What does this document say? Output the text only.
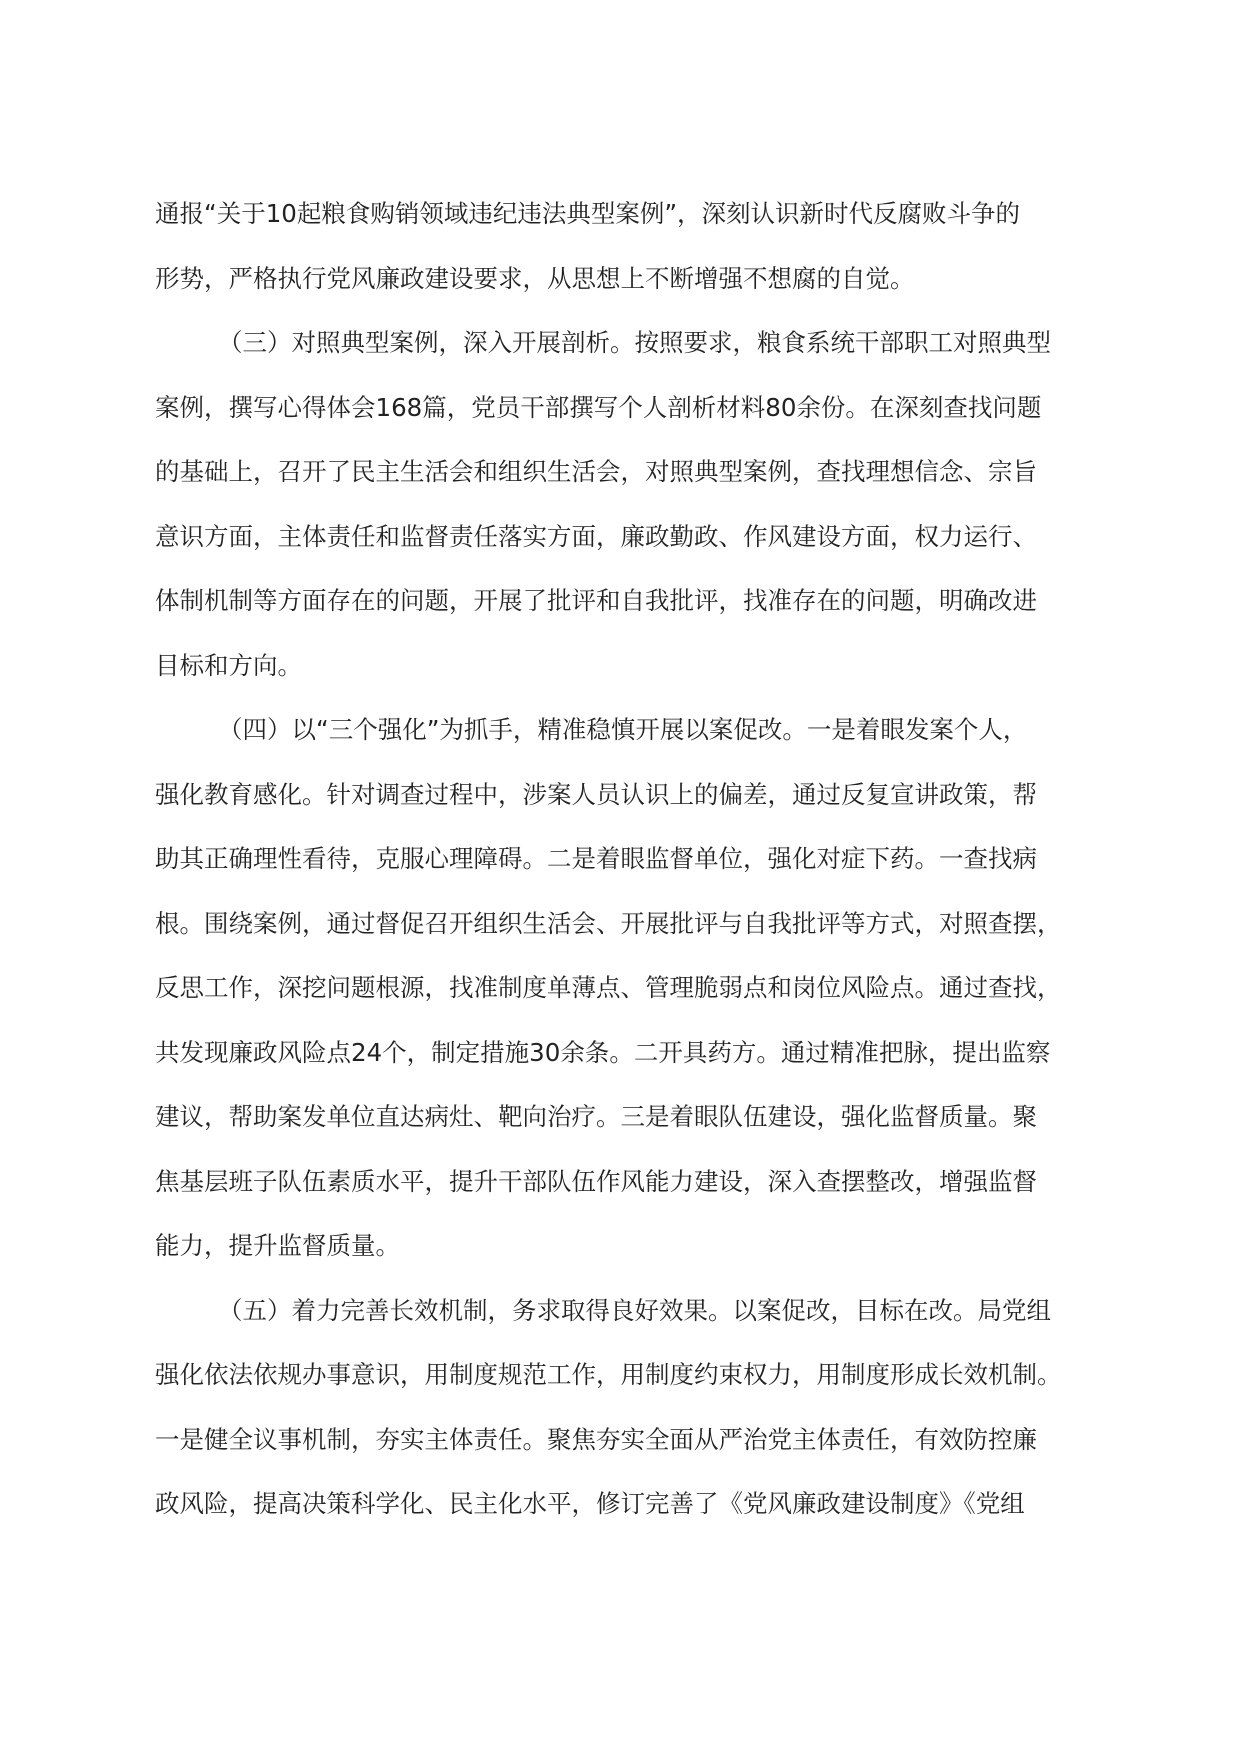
通报“关于10起粮食购销领域违纪违法典型案例”，深刻认识新时代反腐败斗争的
形势，严格执行党风廉政建设要求，从思想上不断增强不想腐的自觉。
（三）对照典型案例，深入开展剖析。按照要求，粮食系统干部职工对照典型
案例，撰写心得体会168篇，党员干部撰写个人剖析材料80余份。在深刻查找问题
的基础上，召开了民主生活会和组织生活会，对照典型案例，查找理想信念、宗旨
意识方面，主体责任和监督责任落实方面，廉政勤政、作风建设方面，权力运行、
体制机制等方面存在的问题，开展了批评和自我批评，找准存在的问题，明确改进
目标和方向。
（四）以“三个强化”为抓手，精准稳慎开展以案促改。一是着眼发案个人，
强化教育感化。针对调查过程中，涉案人员认识上的偏差，通过反复宣讲政策，帮
助其正确理性看待，克服心理障碍。二是着眼监督单位，强化对症下药。一查找病
根。围绕案例，通过督促召开组织生活会、开展批评与自我批评等方式，对照查摆，
反思工作，深挖问题根源，找准制度单薄点、管理脆弱点和岗位风险点。通过查找，
共发现廉政风险点24个，制定措施30余条。二开具药方。通过精准把脉，提出监察
建议，帮助案发单位直达病灶、靶向治疗。三是着眼队伍建设，强化监督质量。聚
焦基层班子队伍素质水平，提升干部队伍作风能力建设，深入查摆整改，增强监督
能力，提升监督质量。
（五）着力完善长效机制，务求取得良好效果。以案促改，目标在改。局党组
强化依法依规办事意识，用制度规范工作，用制度约束权力，用制度形成长效机制。
一是健全议事机制，夯实主体责任。聚焦夯实全面从严治党主体责任，有效防控廉
政风险，提高决策科学化、民主化水平，修订完善了《党风廉政建设制度》《党组
